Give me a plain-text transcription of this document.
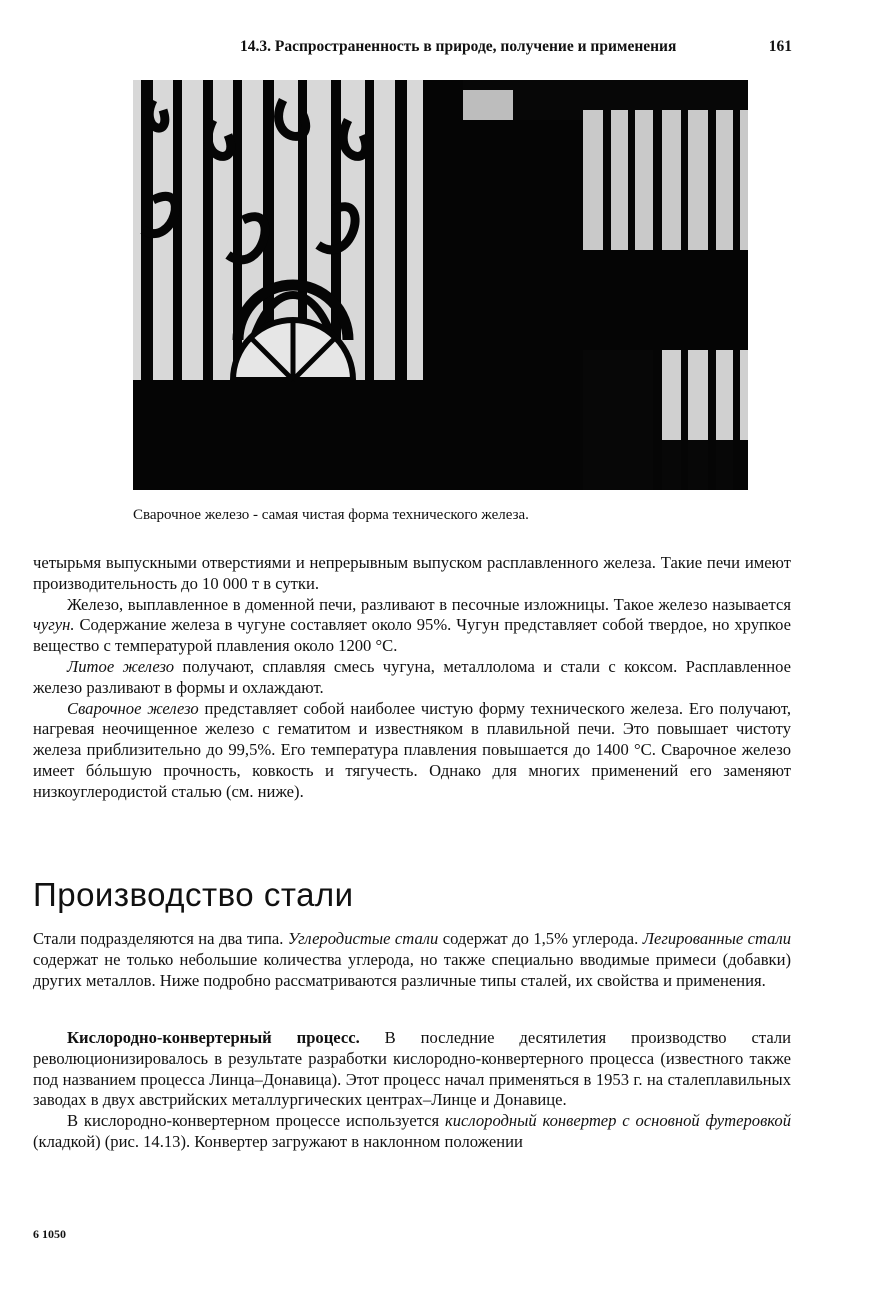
14.3. Распространенность в природе, получение и применения	161
Сварочное железо - самая чистая форма технического железа.

четырьмя выпускными отверстиями и непрерывным выпуском расплавленного железа. Такие печи имеют производительность до 10 000 т в сутки.

Железо, выплавленное в доменной печи, разливают в песочные изложницы. Такое железо называется чугун. Содержание железа в чугуне составляет около 95%. Чугун представляет собой твердое, но хрупкое вещество с температурой плавления около 1200 °С.

Литое железо получают, сплавляя смесь чугуна, металлолома и стали с коксом. Расплавленное железо разливают в формы и охлаждают.

Сварочное железо представляет собой наиболее чистую форму технического железа. Его получают, нагревая неочищенное железо с гематитом и известняком в плавильной печи. Это повышает чистоту железа приблизительно до 99,5%. Его температура плавления повышается до 1400 °С. Сварочное железо имеет бóльшую прочность, ковкость и тягучесть. Однако для многих применений его заменяют низкоуглеродистой сталью (см. ниже).

Производство стали

Стали подразделяются на два типа. Углеродистые стали содержат до 1,5% углерода. Легированные стали содержат не только небольшие количества углерода, но также специально вводимые примеси (добавки) других металлов. Ниже подробно рассматриваются различные типы сталей, их свойства и применения.

Кислородно-конвертерный процесс. В последние десятилетия производство стали революционизировалось в результате разработки кислородно-конвертерного процесса (известного также под названием процесса Линца–Донавица). Этот процесс начал применяться в 1953 г. на сталеплавильных заводах в двух австрийских металлургических центрах–Линце и Донавице.

В кислородно-конвертерном процессе используется кислородный конвертер с основной футеровкой (кладкой) (рис. 14.13). Конвертер загружают в наклонном положении

6 1050
